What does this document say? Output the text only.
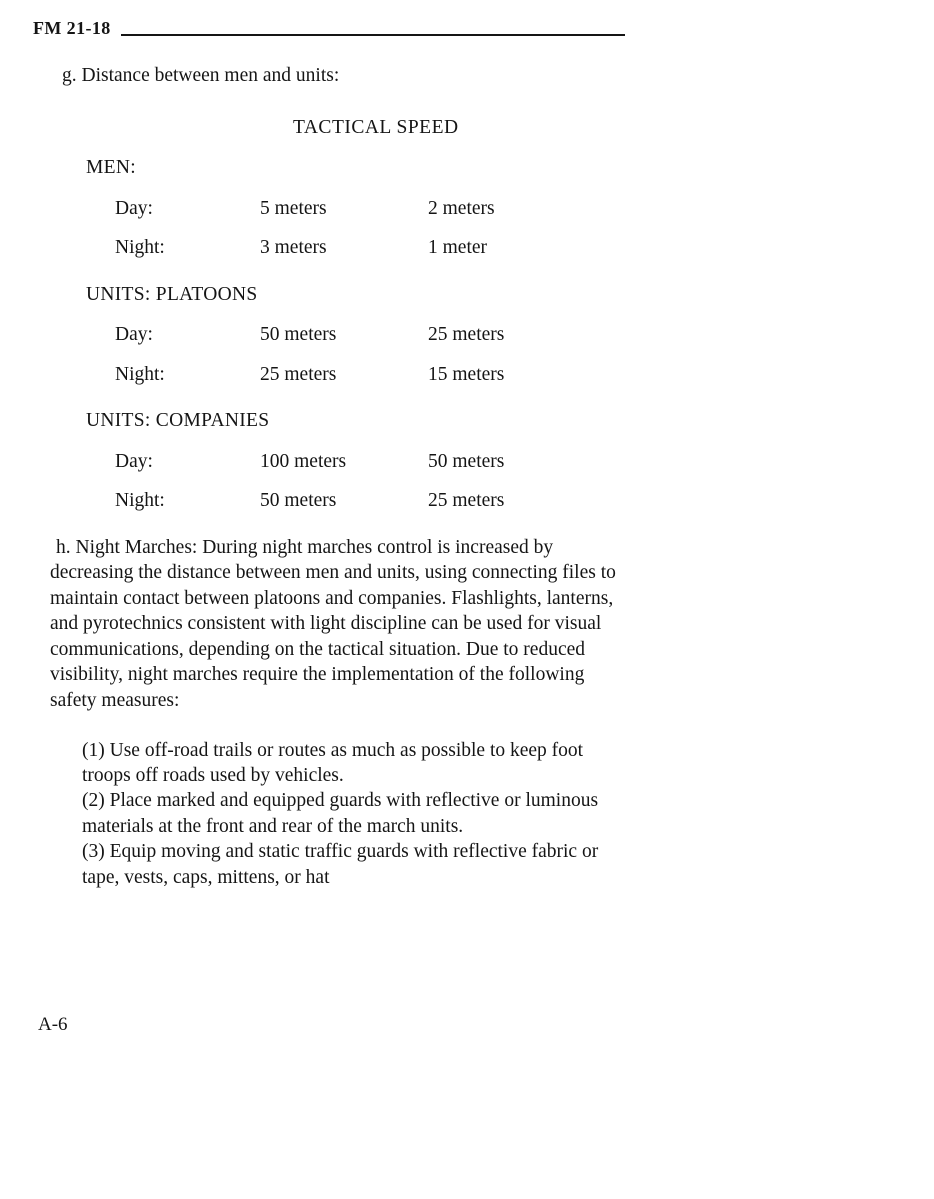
FM 21-18

g. Distance between men and units:

TACTICAL SPEED
MEN:
Day:	5 meters	2 meters
Night:	3 meters	1 meter
UNITS: PLATOONS
Day:	50 meters	25 meters
Night:	25 meters	15 meters
UNITS: COMPANIES
Day:	100 meters	50 meters
Night:	50 meters	25 meters

h. Night Marches: During night marches control is increased by decreasing the distance between men and units, using connecting files to maintain contact between platoons and companies. Flashlights, lanterns, and pyrotechnics consistent with light discipline can be used for visual communications, depending on the tactical situation. Due to reduced visibility, night marches require the implementation of the following safety measures:

(1) Use off-road trails or routes as much as possible to keep foot troops off roads used by vehicles.

(2) Place marked and equipped guards with reflective or luminous materials at the front and rear of the march units.

(3) Equip moving and static traffic guards with reflective fabric or tape, vests, caps, mittens, or hat

A-6
